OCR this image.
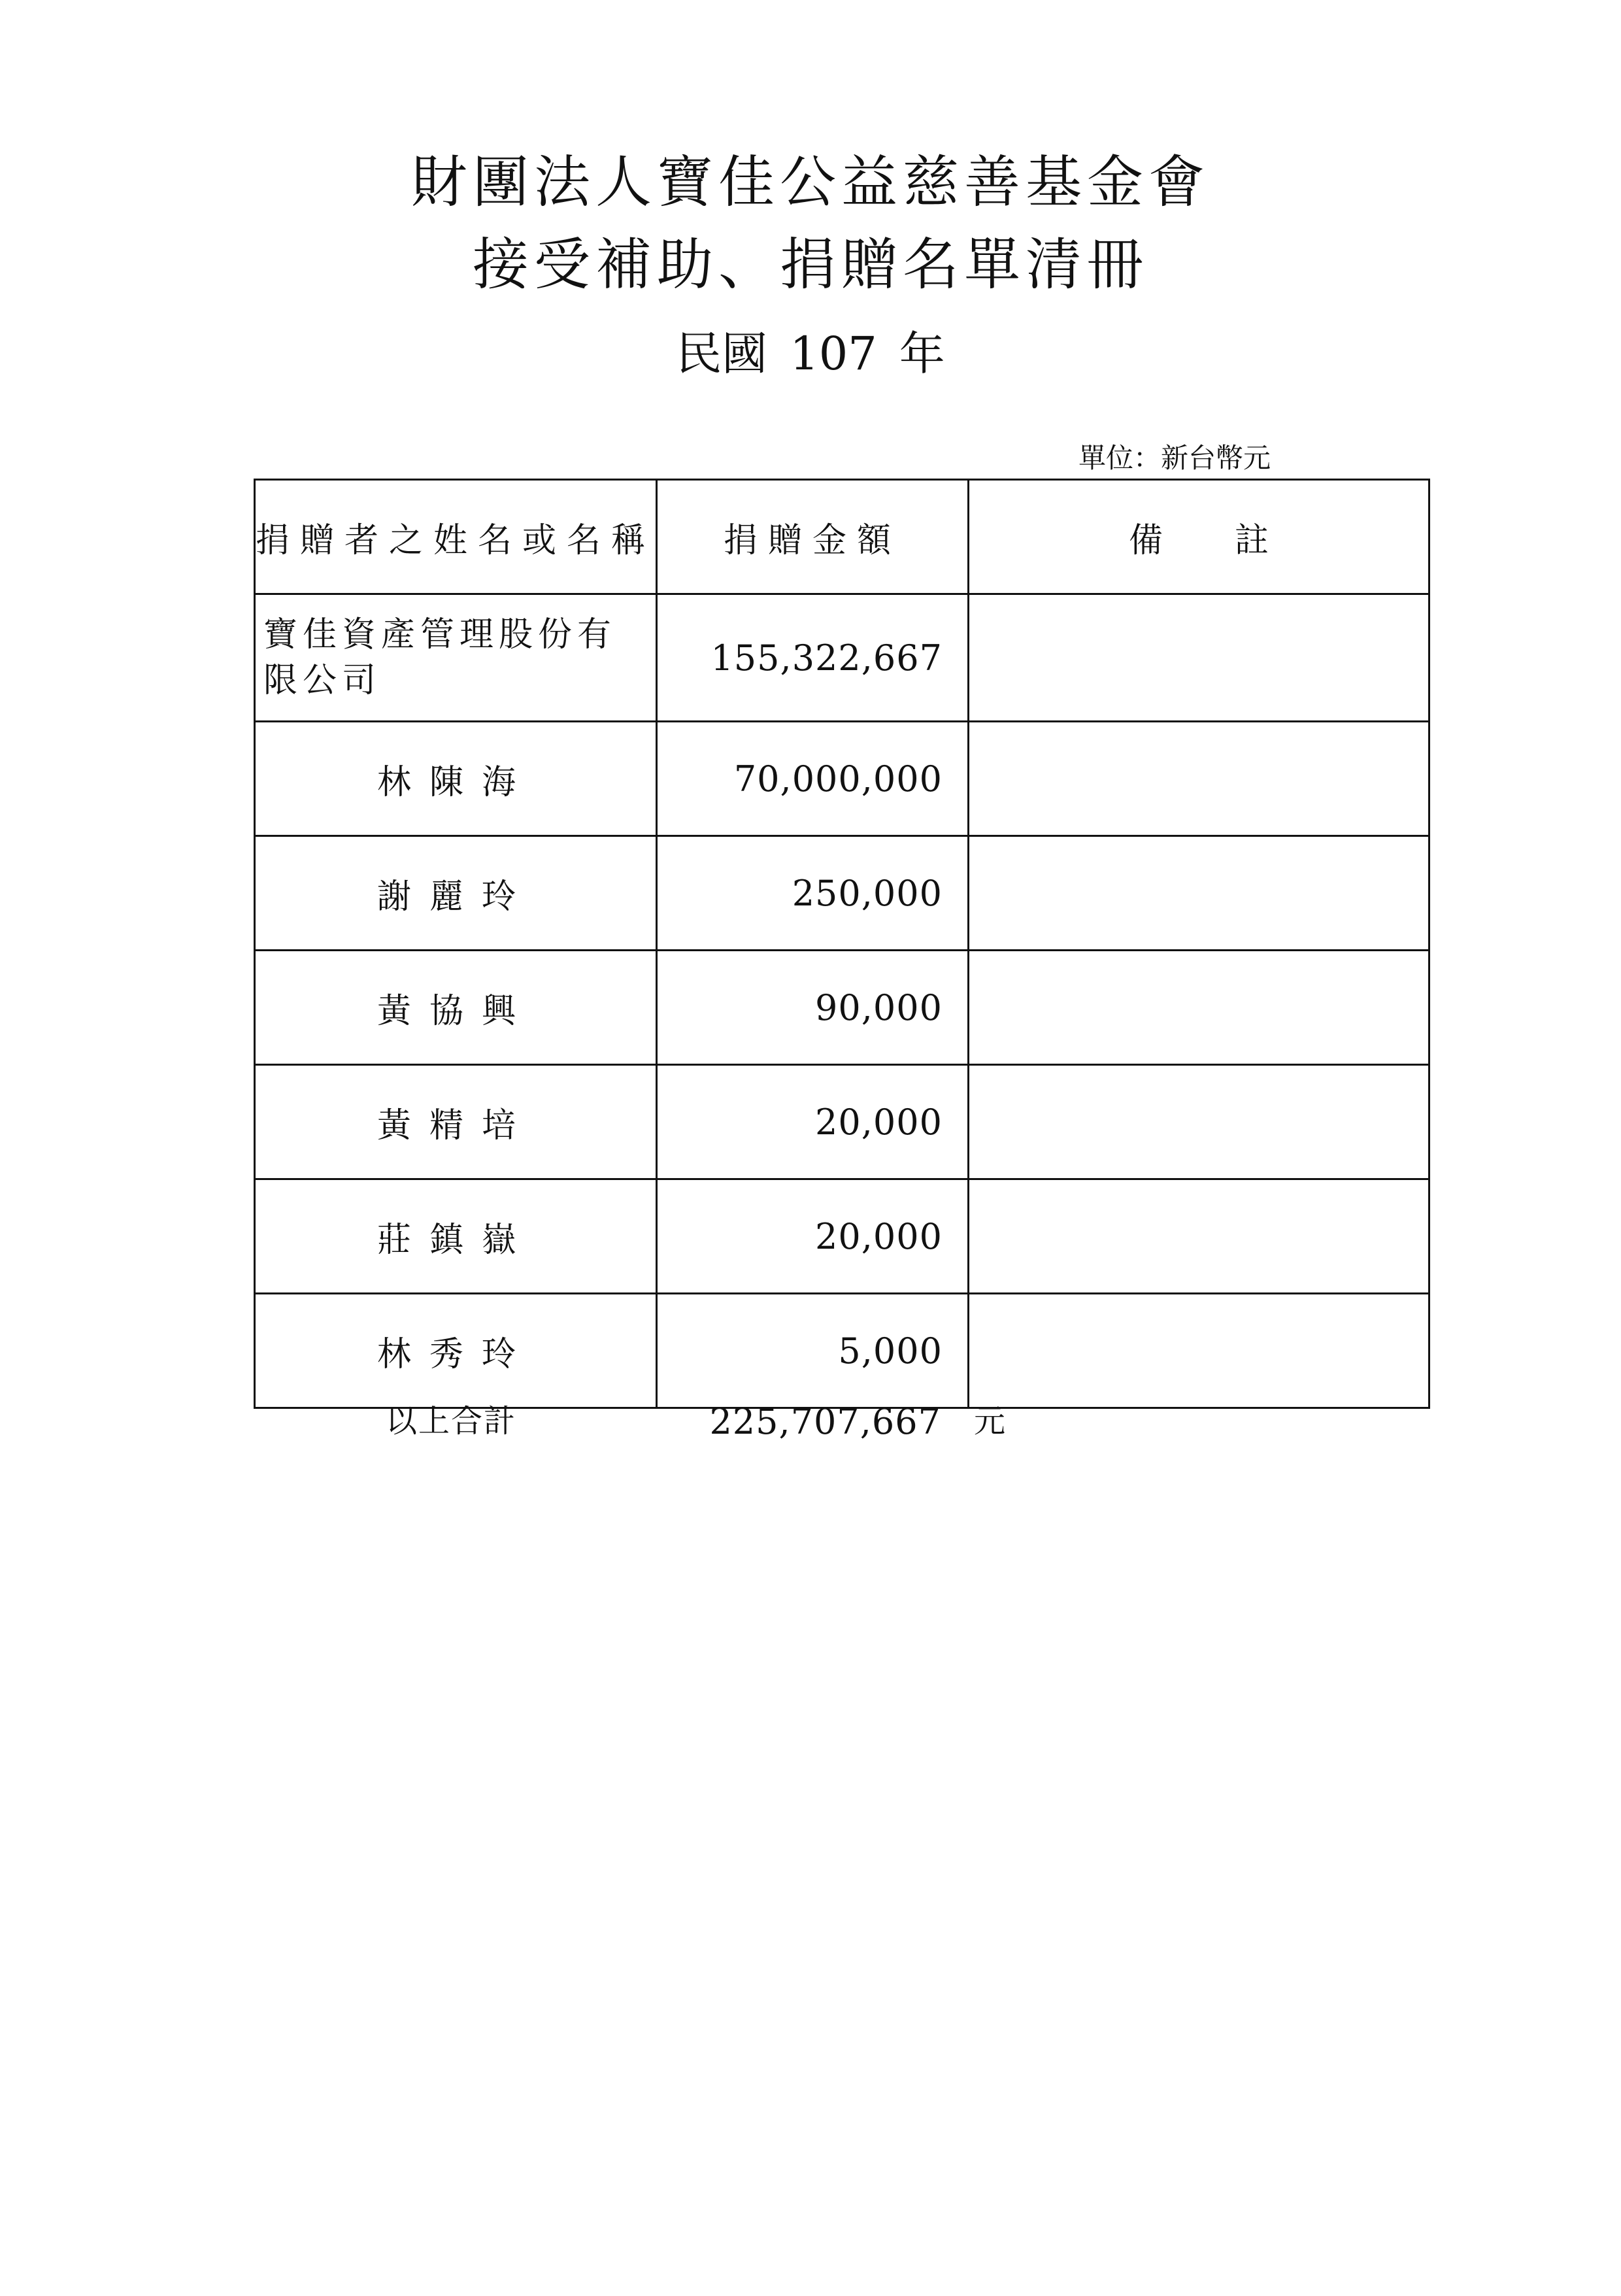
財團法人寶佳公益慈善基金會
接受補助、捐贈名單清冊
民國 107 年
單位：新台幣元
捐贈者之姓名或名稱	捐贈金額	備註
寶佳資產管理股份有限公司	155,322,667	
林陳海	70,000,000	
謝麗玲	250,000	
黃協興	90,000	
黃精培	20,000	
莊鎮嶽	20,000	
林秀玲	5,000	
以上合計	225,707,667 元
